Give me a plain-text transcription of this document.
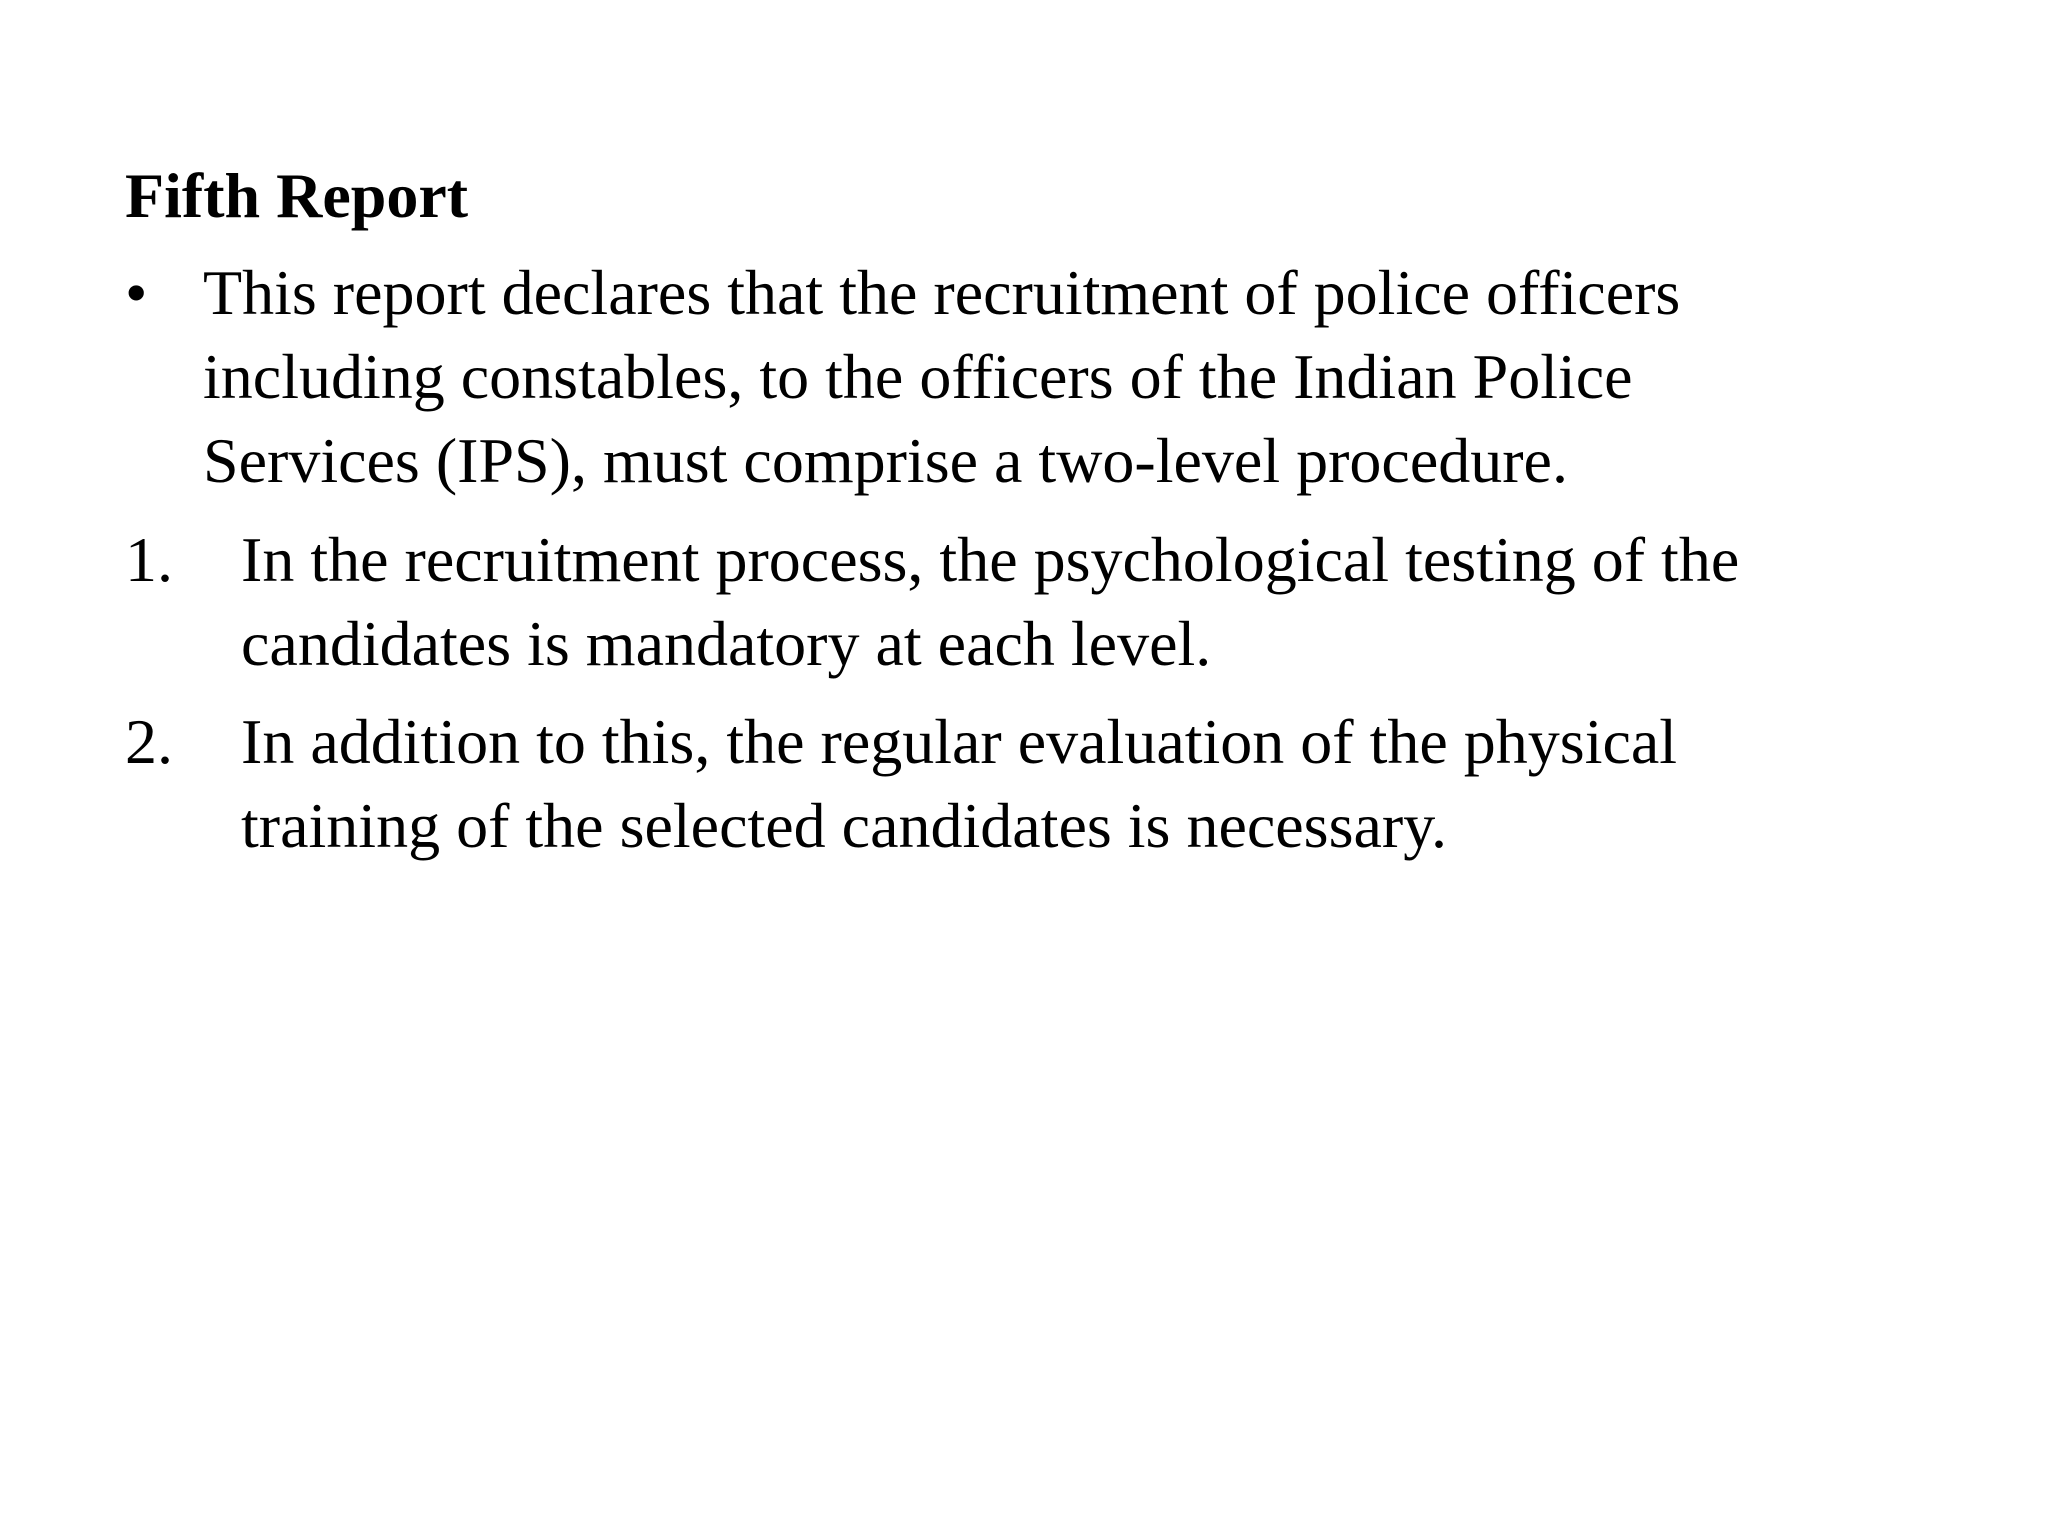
Fifth Report
• This report declares that the recruitment of police officers
including constables, to the officers of the Indian Police
Services (IPS), must comprise a two-level procedure.
1. In the recruitment process, the psychological testing of the
candidates is mandatory at each level.
2. In addition to this, the regular evaluation of the physical
training of the selected candidates is necessary.
